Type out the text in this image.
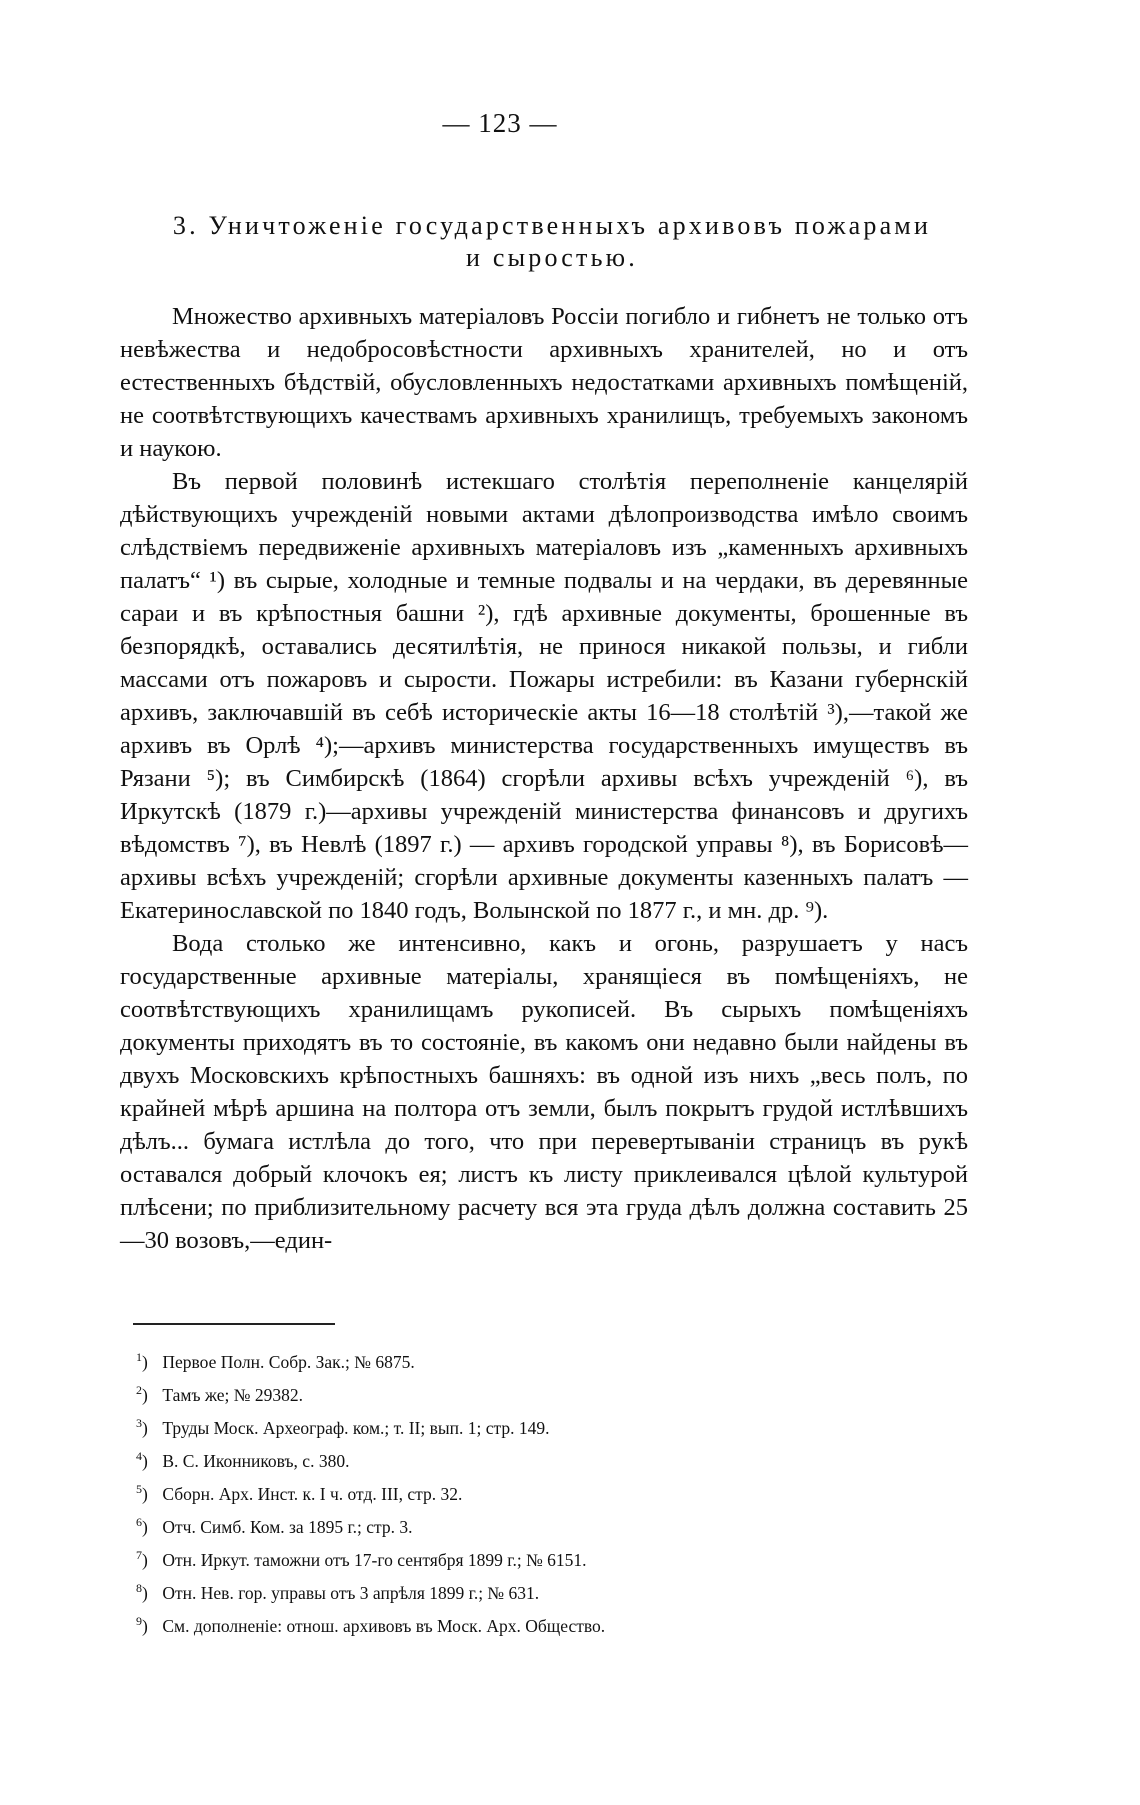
— 123 —
3. Уничтоженіе государственныхъ архивовъ пожарами
и сыростью.

Множество архивныхъ матеріаловъ Россіи погибло и гибнетъ не только отъ невѣжества и недобросовѣстности архивныхъ хранителей, но и отъ естественныхъ бѣдствій, обусловленныхъ недостатками архивныхъ помѣщеній, не соотвѣтствующихъ качествамъ архивныхъ хранилищъ, требуемыхъ закономъ и наукою.

Въ первой половинѣ истекшаго столѣтія переполненіе канцелярій дѣйствующихъ учрежденій новыми актами дѣлопроизводства имѣло своимъ слѣдствіемъ передвиженіе архивныхъ матеріаловъ изъ „каменныхъ архивныхъ палатъ“ ¹) въ сырые, холодные и темные подвалы и на чердаки, въ деревянные сараи и въ крѣпостныя башни ²), гдѣ архивные документы, брошенные въ безпорядкѣ, оставались десятилѣтія, не принося никакой пользы, и гибли массами отъ пожаровъ и сырости. Пожары истребили: въ Казани губернскій архивъ, заключавшій въ себѣ историческіе акты 16—18 столѣтій ³),—такой же архивъ въ Орлѣ ⁴);—архивъ министерства государственныхъ имуществъ въ Рязани ⁵); въ Симбирскѣ (1864) сгорѣли архивы всѣхъ учрежденій ⁶), въ Иркутскѣ (1879 г.)—архивы учрежденій министерства финансовъ и другихъ вѣдомствъ ⁷), въ Невлѣ (1897 г.) — архивъ городской управы ⁸), въ Борисовѣ—архивы всѣхъ учрежденій; сгорѣли архивные документы казенныхъ палатъ — Екатеринославской по 1840 годъ, Волынской по 1877 г., и мн. др. ⁹).

Вода столько же интенсивно, какъ и огонь, разрушаетъ у насъ государственные архивные матеріалы, хранящіеся въ помѣщеніяхъ, не соотвѣтствующихъ хранилищамъ рукописей. Въ сырыхъ помѣщеніяхъ документы приходятъ въ то состояніе, въ какомъ они недавно были найдены въ двухъ Московскихъ крѣпостныхъ башняхъ: въ одной изъ нихъ „весь полъ, по крайней мѣрѣ аршина на полтора отъ земли, былъ покрытъ грудой истлѣвшихъ дѣлъ... бумага истлѣла до того, что при перевертываніи страницъ въ рукѣ оставался добрый клочокъ ея; листъ къ листу приклеивался цѣлой культурой плѣсени; по приблизительному расчету вся эта груда дѣлъ должна составить 25—30 возовъ,—един-

$^1$) Первое Полн. Собр. Зак.; № 6875.
$^2$) Тамъ же; № 29382.
$^3$) Труды Моск. Археограф. ком.; т. II; вып. 1; стр. 149.
$^4$) В. С. Иконниковъ, с. 380.
$^5$) Сборн. Арх. Инст. к. I ч. отд. III, стр. 32.
$^6$) Отч. Симб. Ком. за 1895 г.; стр. 3.
$^7$) Отн. Иркут. таможни отъ 17-го сентября 1899 г.; № 6151.
$^8$) Отн. Нев. гор. управы отъ 3 апрѣля 1899 г.; № 631.
$^9$) См. дополненіе: отнош. архивовъ въ Моск. Арх. Общество.
